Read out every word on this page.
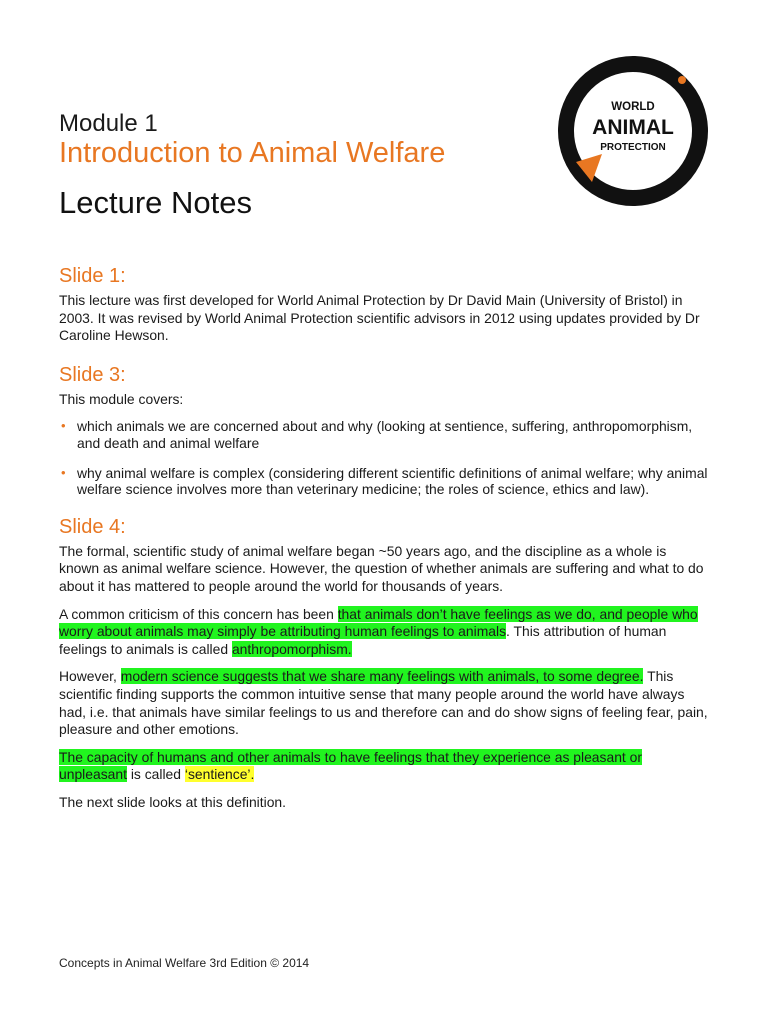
WORLD
ANIMAL
PROTECTION
Module 1
Introduction to Animal Welfare
Lecture Notes
Slide 1:

This lecture was first developed for World Animal Protection by Dr David Main (University of Bristol) in 2003. It was revised by World Animal Protection scientific advisors in 2012 using updates provided by Dr Caroline Hewson.

Slide 3:

This module covers:

• which animals we are concerned about and why (looking at sentience, suffering, anthropomorphism, and death and animal welfare
• why animal welfare is complex (considering different scientific definitions of animal welfare; why animal welfare science involves more than veterinary medicine; the roles of science, ethics and law).
Slide 4:

The formal, scientific study of animal welfare began ~50 years ago, and the discipline as a whole is known as animal welfare science. However, the question of whether animals are suffering and what to do about it has mattered to people around the world for thousands of years.

A common criticism of this concern has been that animals don’t have feelings as we do, and people who worry about animals may simply be attributing human feelings to animals. This attribution of human feelings to animals is called anthropomorphism.

However, modern science suggests that we share many feelings with animals, to some degree. This scientific finding supports the common intuitive sense that many people around the world have always had, i.e. that animals have similar feelings to us and therefore can and do show signs of feeling fear, pain, pleasure and other emotions.

The capacity of humans and other animals to have feelings that they experience as pleasant or unpleasant is called ‘sentience’.

The next slide looks at this definition.

Concepts in Animal Welfare 3rd Edition © 2014
